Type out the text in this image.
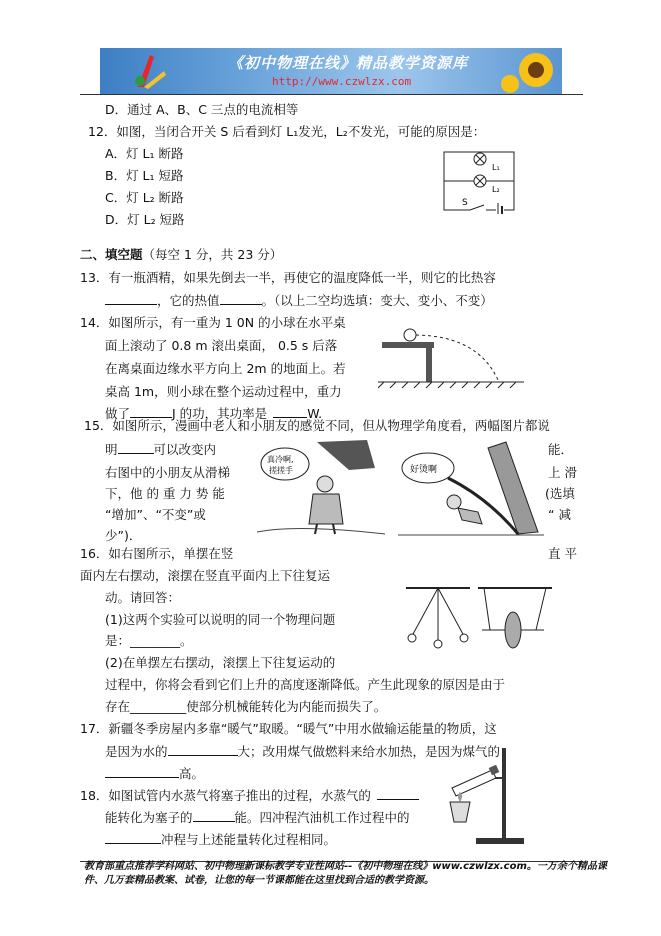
《初中物理在线》精品教学资源库
http://www.czwlzx.com
D．通过 A、B、C 三点的电流相等
12．如图，当闭合开关 S 后看到灯 L₁发光，L₂不发光，可能的原因是：
A．灯 L₁ 断路
B．灯 L₁ 短路
C．灯 L₂ 断路
D．灯 L₂ 短路
L₁
L₂
S
二、填空题（每空 1 分，共 23 分）
13．有一瓶酒精，如果先倒去一半，再使它的温度降低一半，则它的比热容
，它的热值	。（以上二空均选填：变大、变小、不变）
14．如图所示，有一重为 1 0N 的小球在水平桌
面上滚动了 0.8 m 滚出桌面， 0.5 s 后落
在离桌面边缘水平方向上 2m 的地面上。若
桌高 1m，则小球在整个运动过程中，重力
做了	J 的功，其功率是	W.
15．如图所示，漫画中老人和小朋友的感觉不同，但从物理学角度看，两幅图片都说
明	可以改变内	能．
右图中的小朋友从滑梯	上 滑
下，他 的 重 力 势 能	(选填
“增加”、“不变”或	“ 减
少”)．
真冷啊,
搓搓手	好烫啊
16．如右图所示，单摆在竖	直 平
面内左右摆动，滚摆在竖直平面内上下往复运
动。请回答：
(1)这两个实验可以说明的同一个物理问题
是：________。
(2)在单摆左右摆动，滚摆上下往复运动的
过程中，你将会看到它们上升的高度逐渐降低。产生此现象的原因是由于
存在_________使部分机械能转化为内能而损失了。
17．新疆冬季房屋内多靠“暖气”取暖。“暖气”中用水做输运能量的物质，这
是因为水的	大；改用煤气做燃料来给水加热，是因为煤气的
高。
18．如图试管内水蒸气将塞子推出的过程，水蒸气的
能转化为塞子的	能。四冲程汽油机工作过程中的
冲程与上述能量转化过程相同。
教育部重点推荐学科网站、初中物理新课标教学专业性网站--《初中物理在线》www.czwlzx.com。一万余个精品课
件、几万套精品教案、试卷，让您的每一节课都能在这里找到合适的教学资源。
